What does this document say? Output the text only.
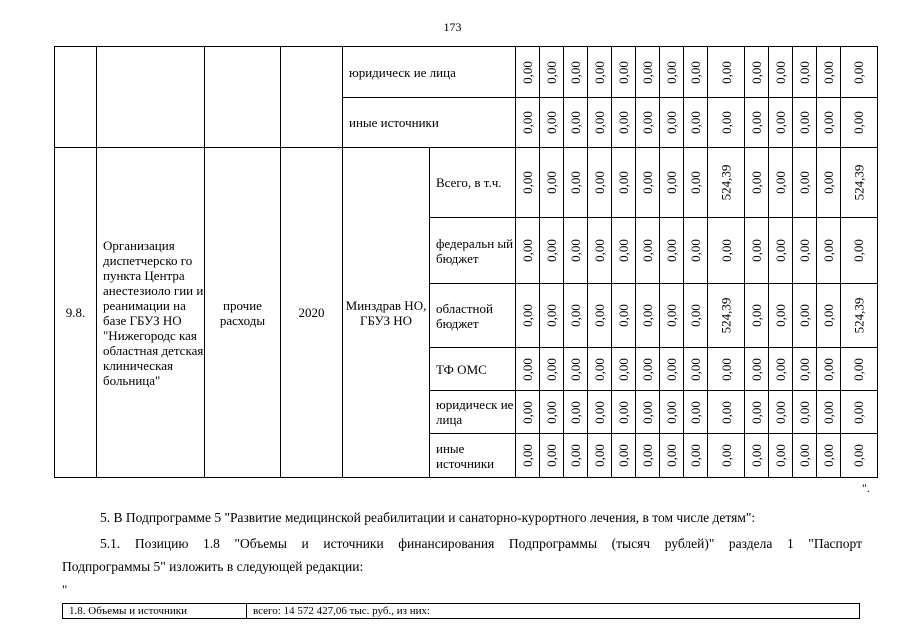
173
				юридическ ие лица		0,00	0,00	0,00	0,00	0,00	0,00	0,00	0,00	0,00	0,00	0,00	0,00	0,00	0,00
				иные источники		0,00	0,00	0,00	0,00	0,00	0,00	0,00	0,00	0,00	0,00	0,00	0,00	0,00	0,00
9.8.	Организация диспетчерско го пункта Центра анестезиоло гии и реанимации на базе ГБУЗ НО "Нижегородс кая областная детская клиническая больница"	прочие расходы	2020	Минздрав НО, ГБУЗ НО	Всего, в т.ч.	0,00	0,00	0,00	0,00	0,00	0,00	0,00	0,00	524,39	0,00	0,00	0,00	0,00	524,39
					федеральн ый бюджет	0,00	0,00	0,00	0,00	0,00	0,00	0,00	0,00	0,00	0,00	0,00	0,00	0,00	0,00
					областной бюджет	0,00	0,00	0,00	0,00	0,00	0,00	0,00	0,00	524,39	0,00	0,00	0,00	0,00	524,39
					ТФ ОМС	0,00	0,00	0,00	0,00	0,00	0,00	0,00	0,00	0,00	0,00	0,00	0,00	0,00	0,00
					юридическ ие лица	0,00	0,00	0,00	0,00	0,00	0,00	0,00	0,00	0,00	0,00	0,00	0,00	0,00	0,00
					иные источники	0,00	0,00	0,00	0,00	0,00	0,00	0,00	0,00	0,00	0,00	0,00	0,00	0,00	0,00
".
5. В Подпрограмме 5 "Развитие медицинской реабилитации и санаторно-курортного лечения, в том числе детям":
5.1. Позицию 1.8 "Объемы и источники финансирования Подпрограммы (тысяч рублей)" раздела 1 "Паспорт
Подпрограммы 5" изложить в следующей редакции:
"
1.8. Объемы и источники	всего: 14 572 427,06 тыс. руб., из них:
